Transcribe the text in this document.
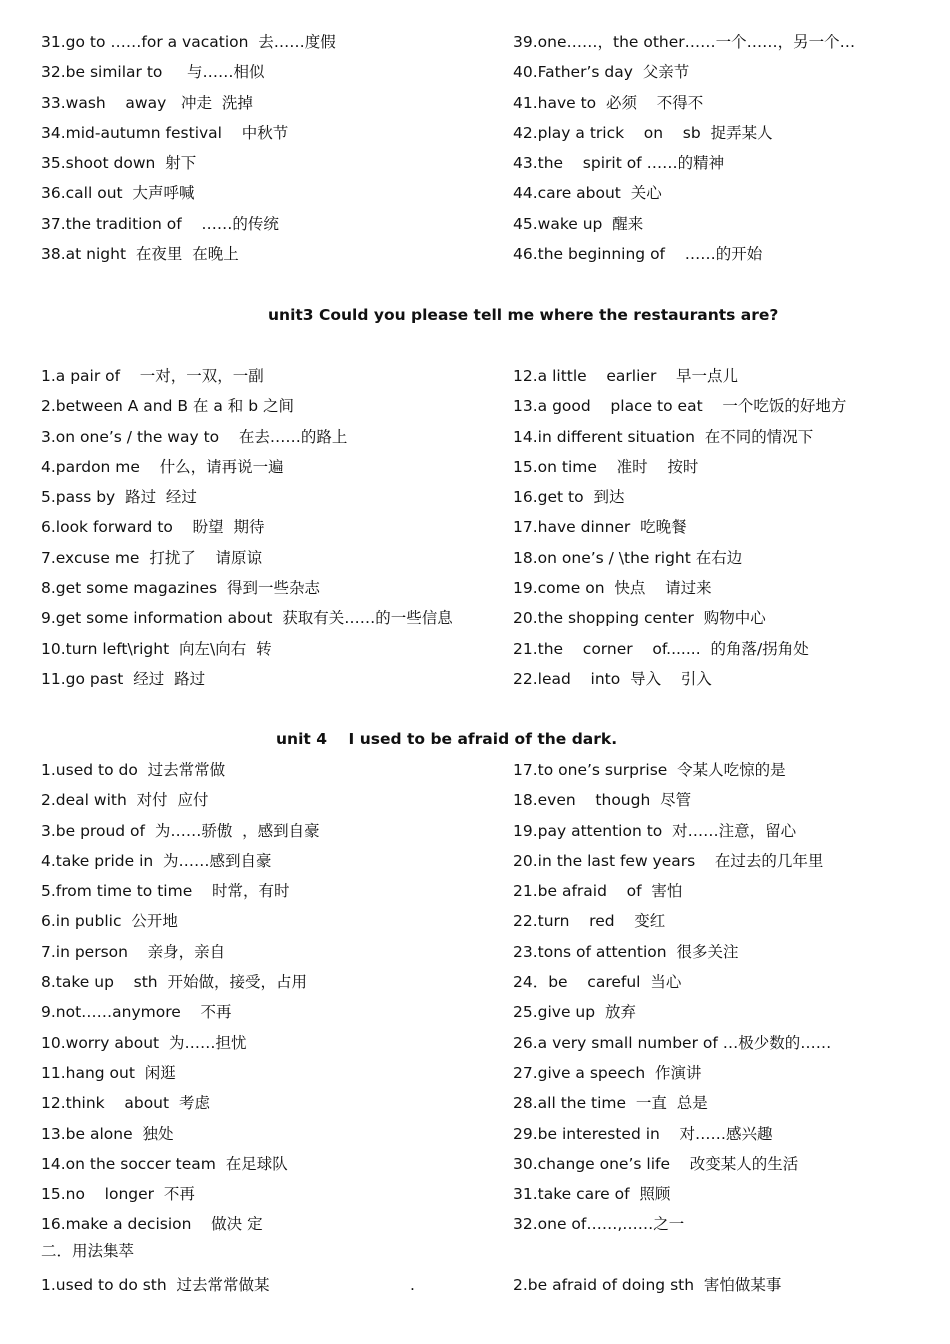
31.go to ……for a vacation  去……度假
32.be similar to     与……相似
33.wash    away   冲走  洗掉
34.mid-autumn festival    中秋节
35.shoot down  射下
36.call out  大声呼喊
37.the tradition of    ……的传统
38.at night  在夜里  在晚上
39.one……，the other……一个……，另一个…
40.Father’s day  父亲节
41.have to  必须    不得不
42.play a trick    on    sb  捉弄某人
43.the    spirit of ……的精神
44.care about  关心
45.wake up  醒来
46.the beginning of    ……的开始
unit3 Could you please tell me where the restaurants are?
1.a pair of    一对，一双，一副
2.between A and B 在 a 和 b 之间
3.on one’s / the way to    在去……的路上
4.pardon me    什么，请再说一遍
5.pass by  路过  经过
6.look forward to    盼望  期待
7.excuse me  打扰了    请原谅
8.get some magazines  得到一些杂志
9.get some information about  获取有关……的一些信息
10.turn left\right  向左\向右  转
11.go past  经过  路过
12.a little    earlier    早一点儿
13.a good    place to eat    一个吃饭的好地方
14.in different situation  在不同的情况下
15.on time    准时    按时
16.get to  到达
17.have dinner  吃晚餐
18.on one’s / \the right 在右边
19.come on  快点    请过来
20.the shopping center  购物中心
21.the    corner    of.......  的角落/拐角处
22.lead    into  导入    引入
unit 4    I used to be afraid of the dark.
1.used to do  过去常常做
2.deal with  对付  应付
3.be proud of  为……骄傲  ，感到自豪
4.take pride in  为……感到自豪
5.from time to time    时常，有时
6.in public  公开地
7.in person    亲身，亲自
8.take up    sth  开始做，接受，占用
9.not……anymore    不再
10.worry about  为……担忧
11.hang out  闲逛
12.think    about  考虑
13.be alone  独处
14.on the soccer team  在足球队
15.no    longer  不再
16.make a decision    做决 定
17.to one’s surprise  令某人吃惊的是
18.even    though  尽管
19.pay attention to  对……注意，留心
20.in the last few years    在过去的几年里
21.be afraid    of  害怕
22.turn    red    变红
23.tons of attention  很多关注
24．be    careful  当心
25.give up  放弃
26.a very small number of …极少数的……
27.give a speech  作演讲
28.all the time  一直  总是
29.be interested in    对……感兴趣
30.change one’s life    改变某人的生活
31.take care of  照顾
32.one of……,……之一
二．用法集萃
1.used to do sth  过去常常做某	.	2.be afraid of doing sth  害怕做某事
